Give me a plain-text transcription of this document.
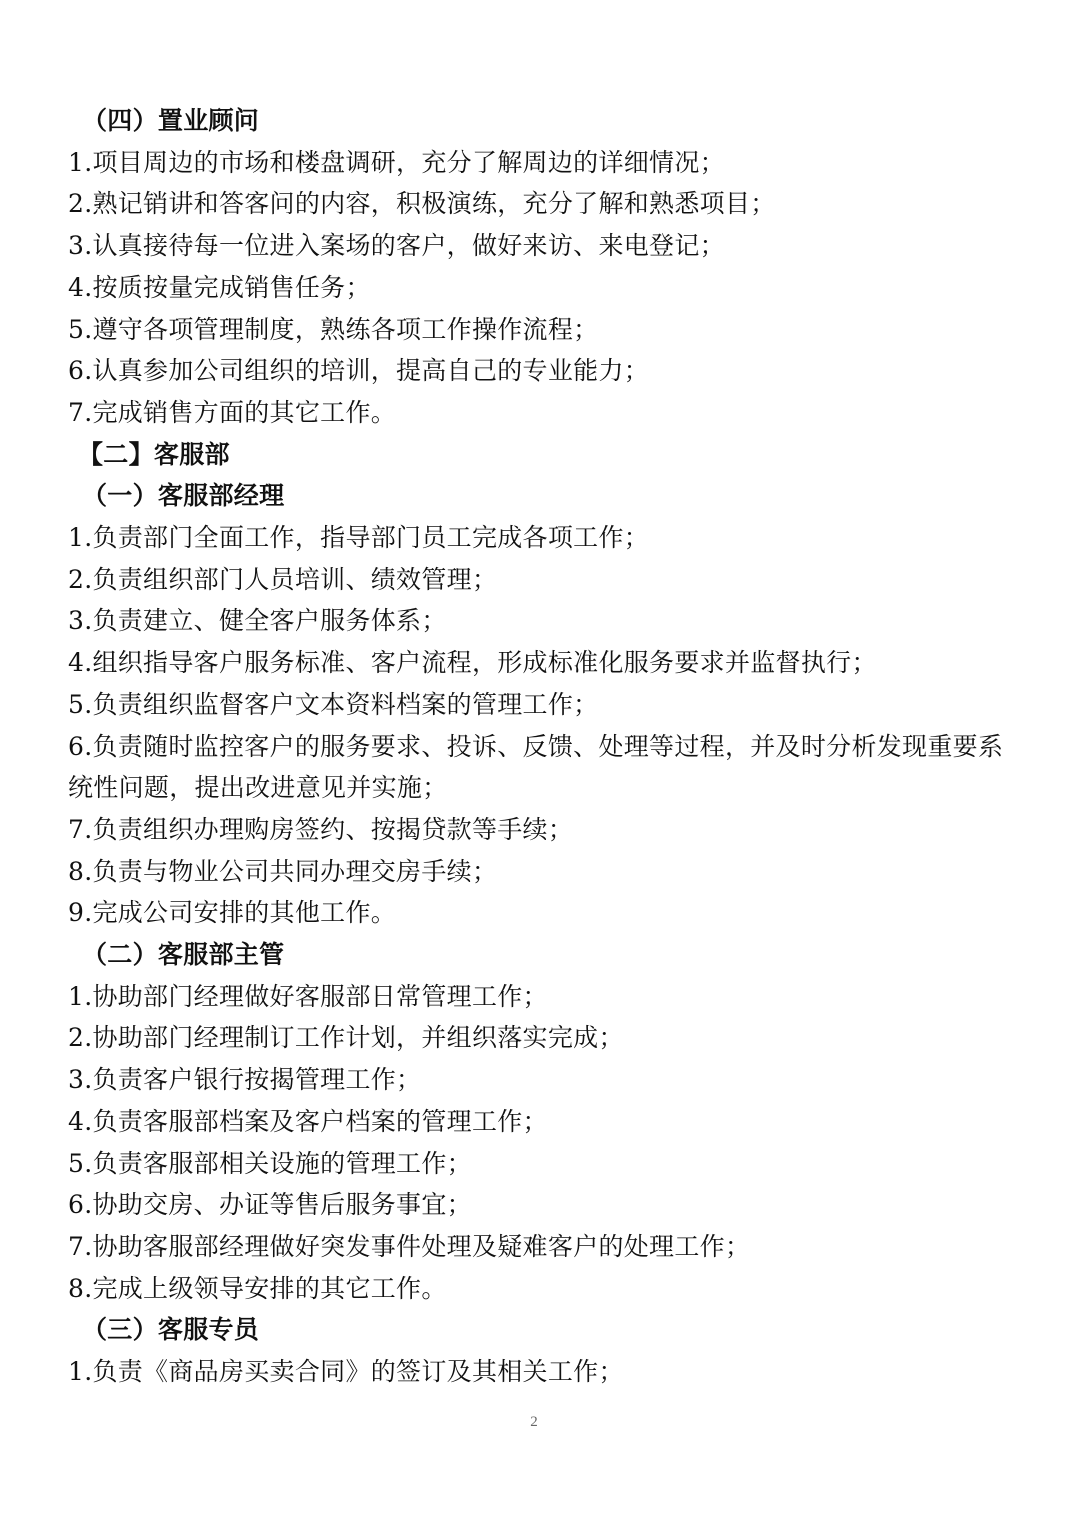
（四）置业顾问
1.项目周边的市场和楼盘调研，充分了解周边的详细情况；
2.熟记销讲和答客问的内容，积极演练，充分了解和熟悉项目；
3.认真接待每一位进入案场的客户，做好来访、来电登记；
4.按质按量完成销售任务；
5.遵守各项管理制度，熟练各项工作操作流程；
6.认真参加公司组织的培训，提高自己的专业能力；
7.完成销售方面的其它工作。
【二】客服部
（一）客服部经理
1.负责部门全面工作，指导部门员工完成各项工作；
2.负责组织部门人员培训、绩效管理；
3.负责建立、健全客户服务体系；
4.组织指导客户服务标准、客户流程，形成标准化服务要求并监督执行；
5.负责组织监督客户文本资料档案的管理工作；
6.负责随时监控客户的服务要求、投诉、反馈、处理等过程，并及时分析发现重要系统性问题，提出改进意见并实施；
7.负责组织办理购房签约、按揭贷款等手续；
8.负责与物业公司共同办理交房手续；
9.完成公司安排的其他工作。
（二）客服部主管
1.协助部门经理做好客服部日常管理工作；
2.协助部门经理制订工作计划，并组织落实完成；
3.负责客户银行按揭管理工作；
4.负责客服部档案及客户档案的管理工作；
5.负责客服部相关设施的管理工作；
6.协助交房、办证等售后服务事宜；
7.协助客服部经理做好突发事件处理及疑难客户的处理工作；
8.完成上级领导安排的其它工作。
（三）客服专员
1.负责《商品房买卖合同》的签订及其相关工作；
2
